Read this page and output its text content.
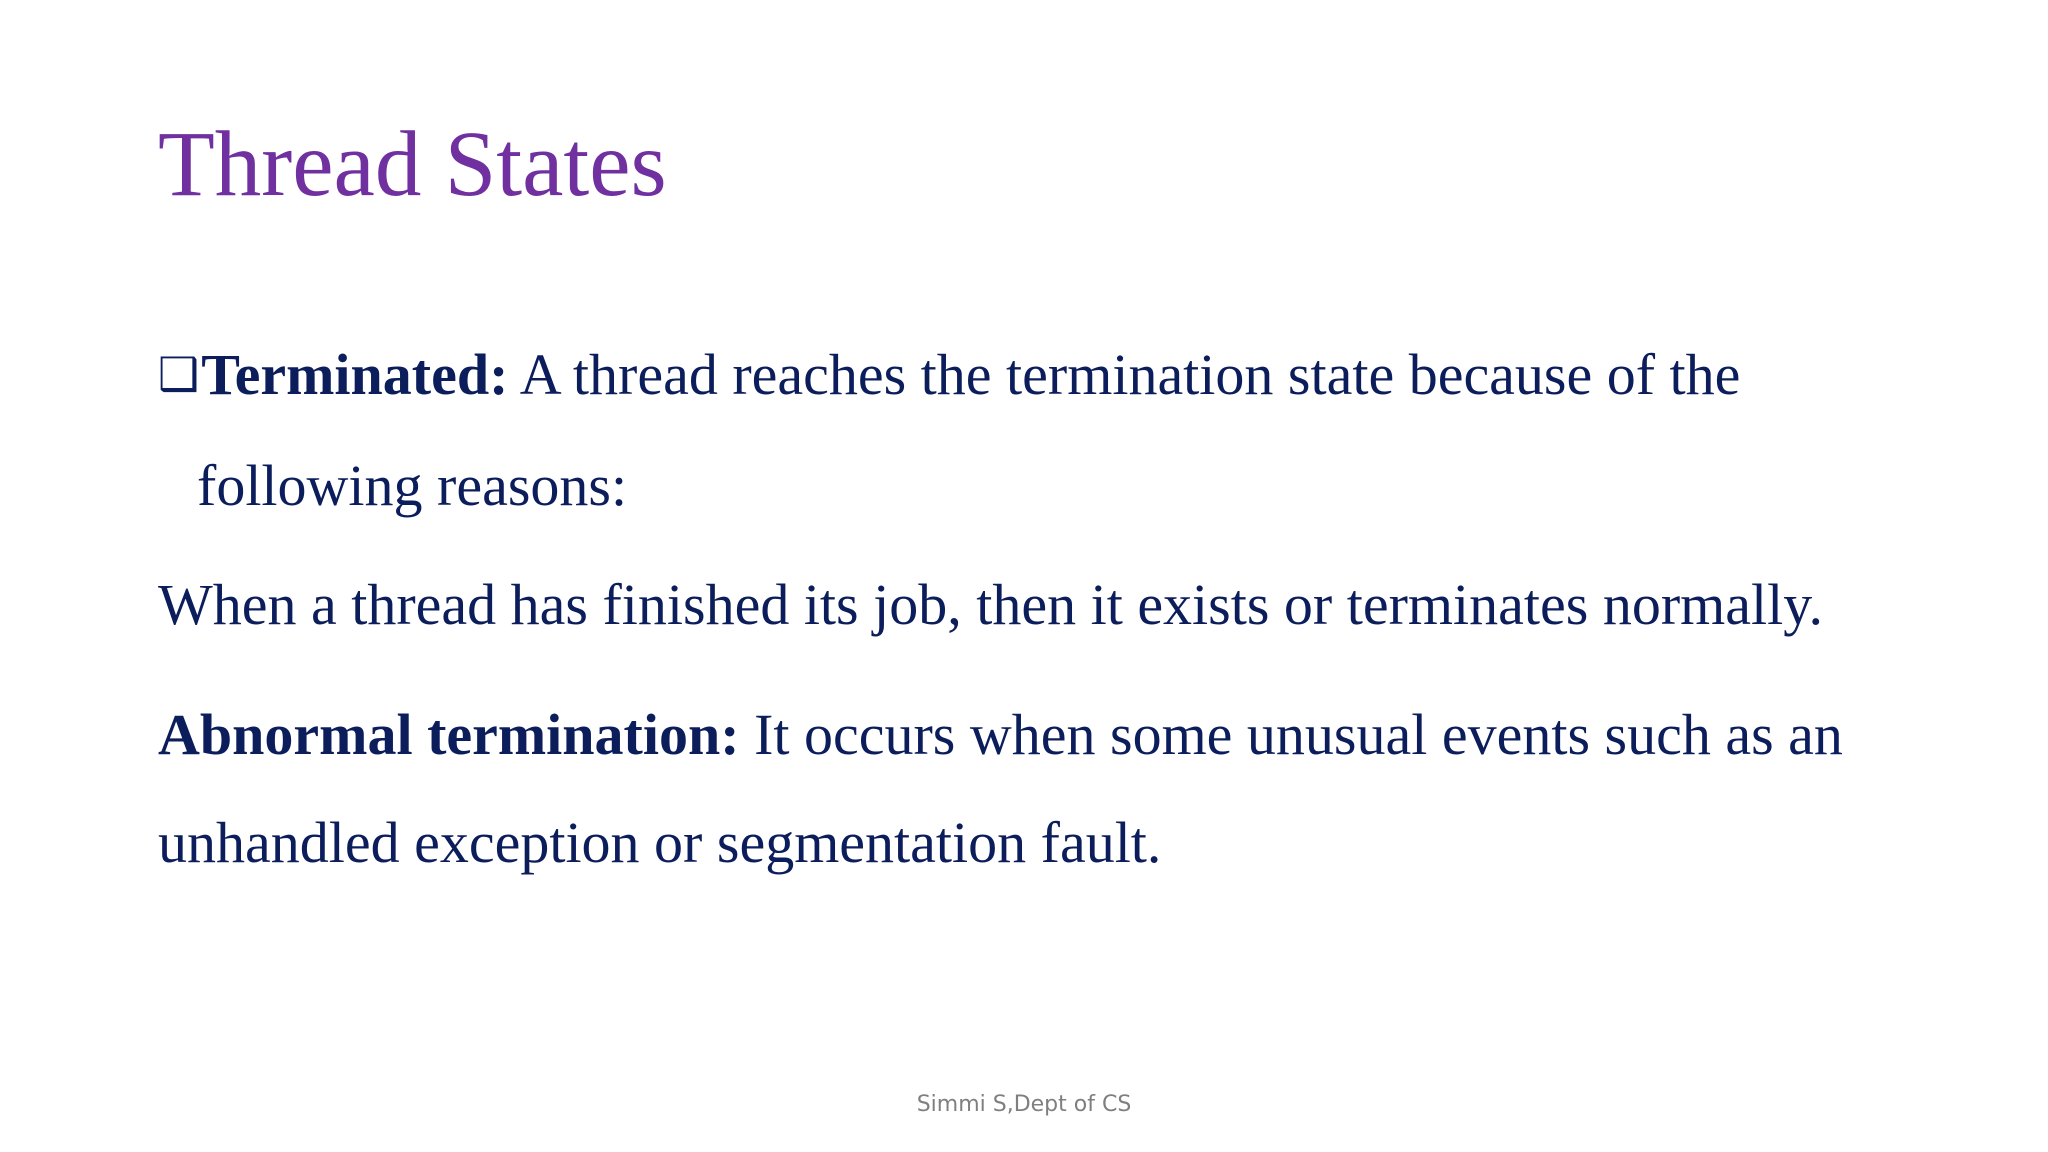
Thread States
❑Terminated: A thread reaches the termination state because of the
following reasons:
When a thread has finished its job, then it exists or terminates normally.
Abnormal termination: It occurs when some unusual events such as an
unhandled exception or segmentation fault.
Simmi S,Dept of CS
